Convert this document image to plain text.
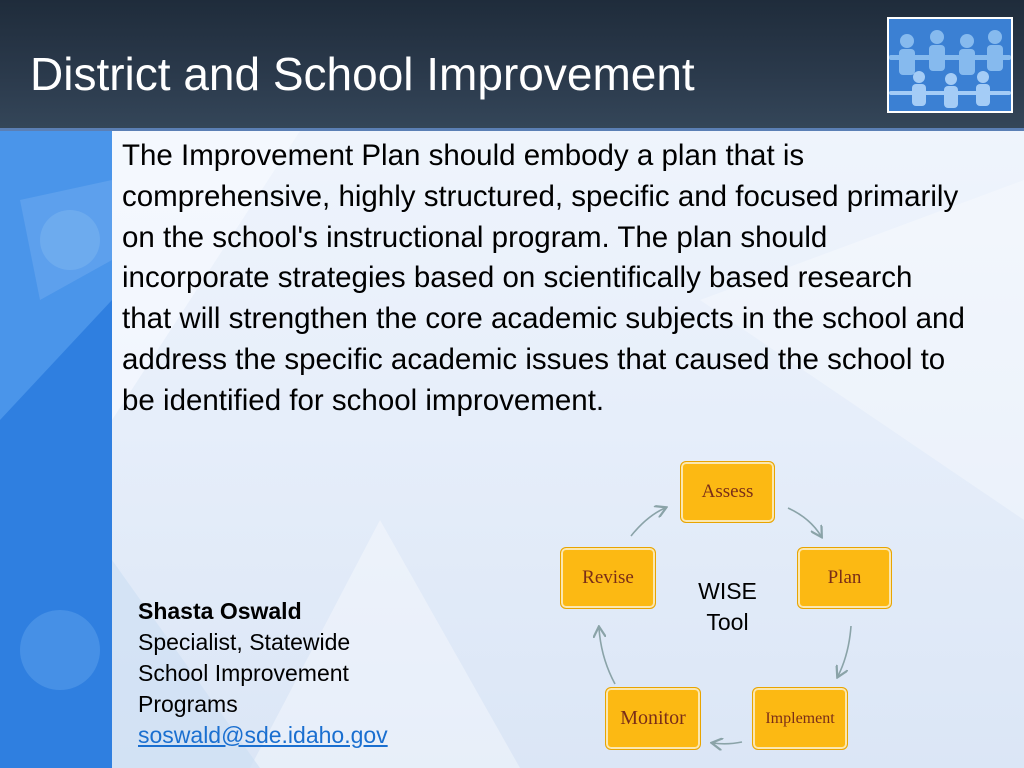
District and School Improvement

The Improvement Plan should embody a plan that is comprehensive, highly structured, specific and focused primarily on the school's instructional program. The plan should incorporate strategies based on scientifically based research that will strengthen the core academic subjects in the school and address the specific academic issues that caused the school to be identified for school improvement.

Shasta Oswald
Specialist, Statewide
School Improvement
Programs
soswald@sde.idaho.gov
Assess
Plan
Implement
Monitor
Revise
WISE
Tool
